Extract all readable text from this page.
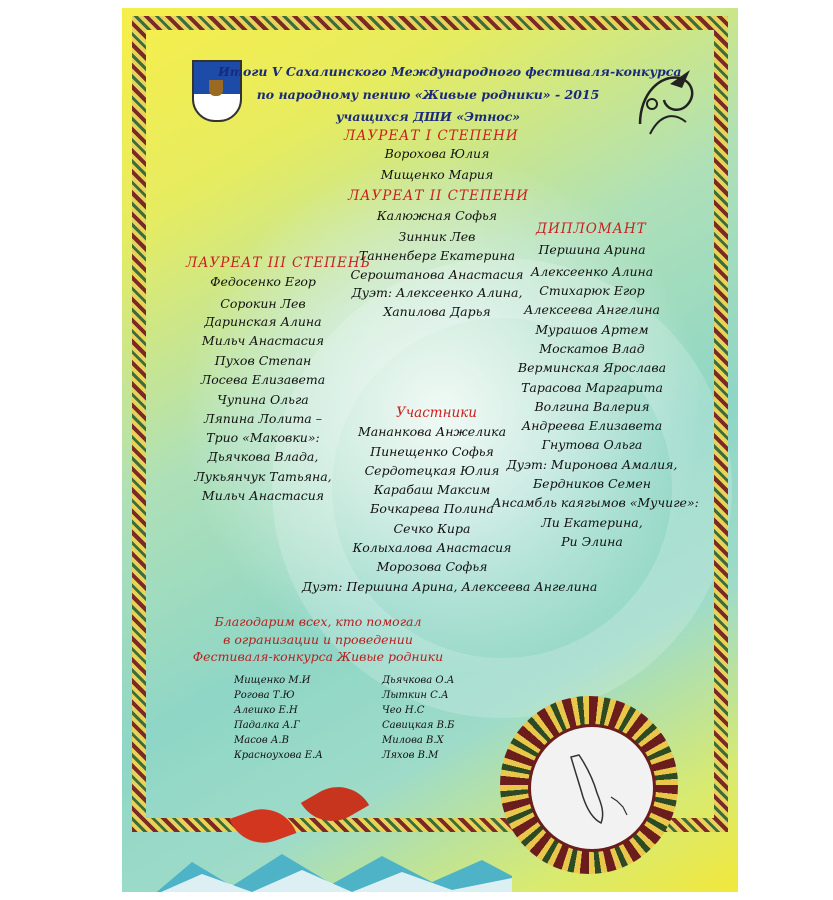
Итоги V Сахалинского Международного фестиваля-конкурса
по народному пению «Живые родники» - 2015
учащихся ДШИ «Этнос»
ЛАУРЕАТ I СТЕПЕНИ
Ворохова Юлия
Мищенко Мария
ЛАУРЕАТ II СТЕПЕНИ
Калюжная Софья
Зинник Лев
Танненберг Екатерина
Сероштанова Анастасия
Дуэт: Алексеенко Алина,
Хапилова Дарья
ЛАУРЕАТ III СТЕПЕНЬ
Федосенко Егор
Сорокин Лев
Даринская Алина
Мильч Анастасия
Пухов Степан
Лосева Елизавета
Чупина Ольга
Ляпина Лолита –
Трио «Маковки»:
Дьячкова Влада,
Лукьянчук Татьяна,
Мильч Анастасия
ДИПЛОМАНТ
Першина Арина
Алексеенко Алина
Стихарюк Егор
Алексеева Ангелина
Мурашов Артем
Москатов Влад
Верминская Ярослава
Тарасова Маргарита
Волгина Валерия
Андреева Елизавета
Гнутова Ольга
Дуэт: Миронова Амалия,
Бердников Семен
Ансамбль каягымов «Мучиге»:
Ли Екатерина,
Ри Элина
Участники
Мананкова Анжелика
Пинещенко Софья
Сердотецкая Юлия
Карабаш Максим
Бочкарева Полина
Сечко Кира
Колыхалова Анастасия
Морозова Софья
Дуэт: Першина Арина, Алексеева Ангелина
Благодарим всех, кто помогал
в огранизации и проведении
Фестиваля-конкурса Живые родники
Мищенко М.И
Рогова Т.Ю
Алешко Е.Н
Падалка А.Г
Масов А.В
Красноухова Е.А
Дьячкова О.А
Лыткин С.А
Чео Н.С
Савицкая В.Б
Милова В.Х
Ляхов В.М
